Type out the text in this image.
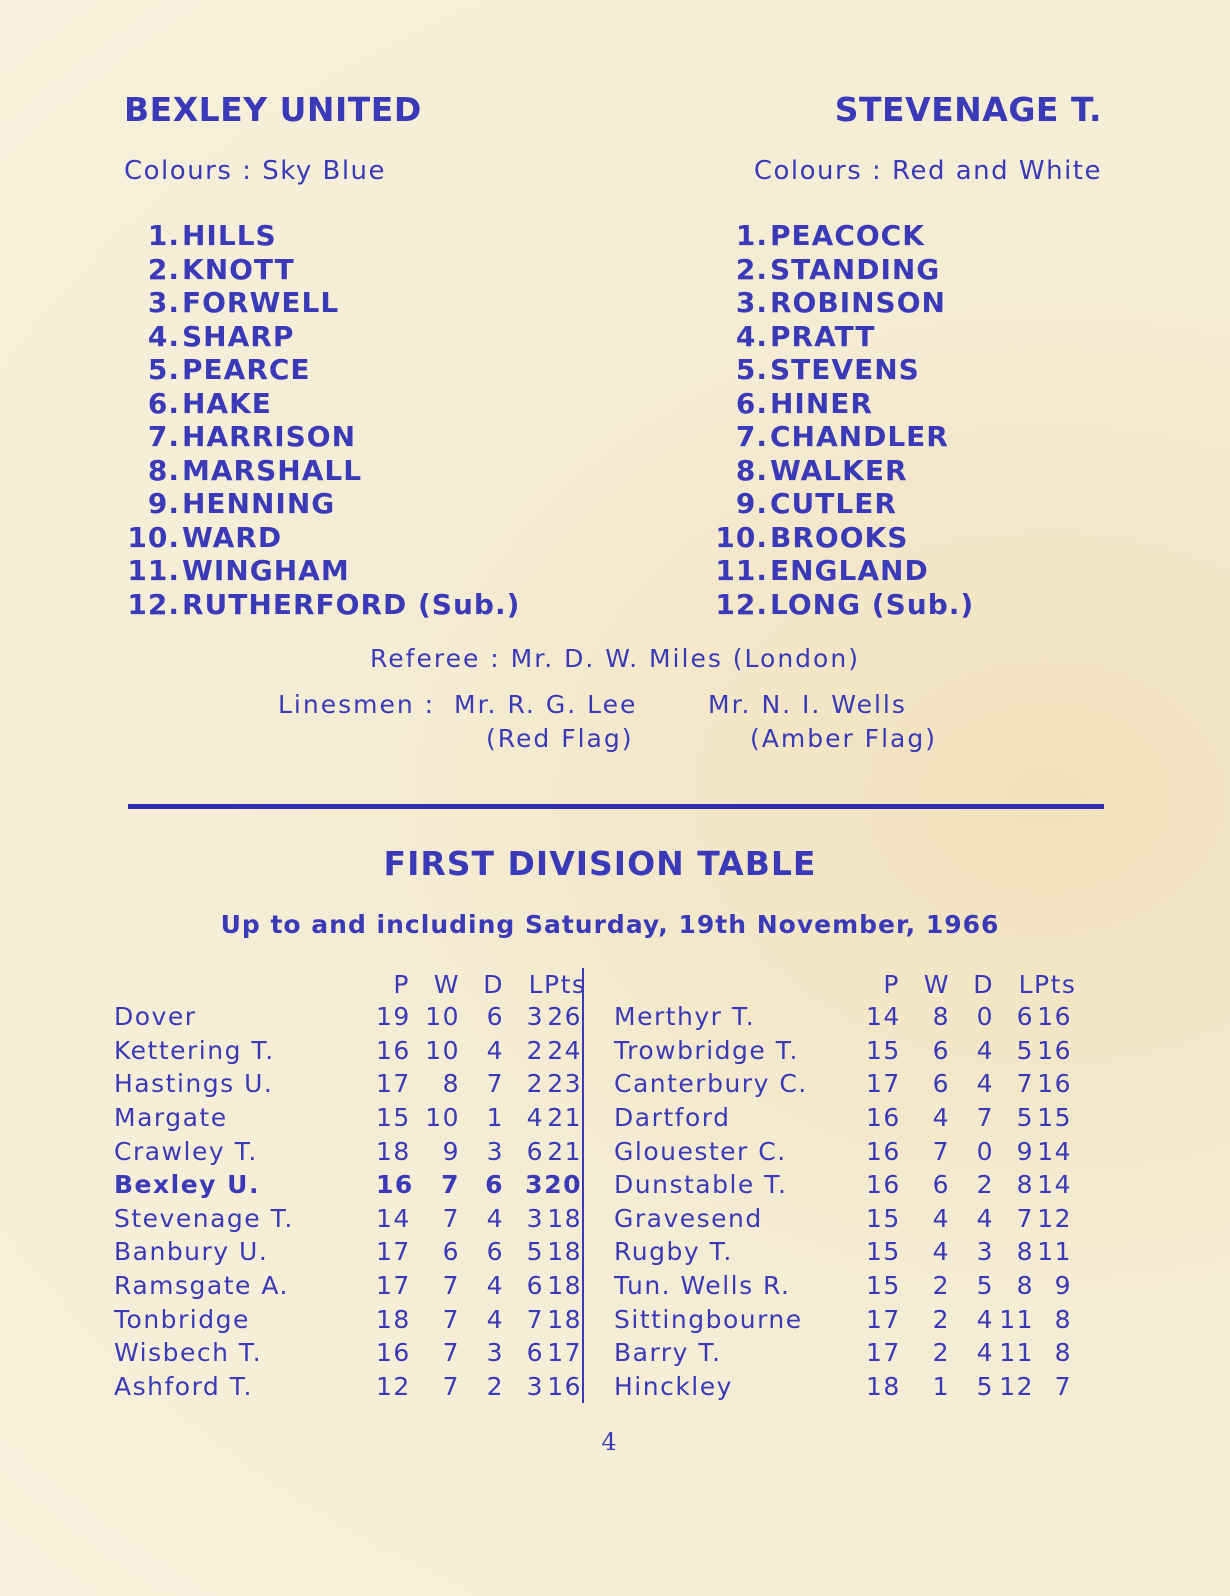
BEXLEY UNITED
Colours : Sky Blue
1. HILLS
2. KNOTT
3. FORWELL
4. SHARP
5. PEARCE
6. HAKE
7. HARRISON
8. MARSHALL
9. HENNING
10. WARD
11. WINGHAM
12. RUTHERFORD (Sub.)
STEVENAGE T.
Colours : Red and White
1. PEACOCK
2. STANDING
3. ROBINSON
4. PRATT
5. STEVENS
6. HINER
7. CHANDLER
8. WALKER
9. CUTLER
10. BROOKS
11. ENGLAND
12. LONG (Sub.)
Referee : Mr. D. W. Miles (London)
Linesmen : Mr. R. G. Lee	Mr. N. I. Wells
(Red Flag)	(Amber Flag)
FIRST DIVISION TABLE
Up to and including Saturday, 19th November, 1966
P W D L Pts
Dover	19 10	6 3 26
Kettering T.	16 10	4 2 24
Hastings U.	17	8	7 2 23
Margate	15 10	1 4 21
Crawley T.	18	9	3 6 21
Bexley U.	16	7	6 3 20
Stevenage T.	14	7	4 3 18
Banbury U.	17	6	6 5 18
Ramsgate A.	17	7	4 6 18
Tonbridge	18	7	4 7 18
Wisbech T.	16	7	3 6 17
Ashford T.	12	7	2 3 16
P W D L Pts
Merthyr T.	14	8	0 6 16
Trowbridge T.	15	6	4 5 16
Canterbury C.	17	6	4 7 16
Dartford	16	4	7 5 15
Glouester C.	16	7	0 9 14
Dunstable T.	16	6	2 8 14
Gravesend	15	4	4 7 12
Rugby T.	15	4	3 8 11
Tun. Wells R.	15	2	5 8 9
Sittingbourne	17	2	4 11 8
Barry T.	17	2	4 11 8
Hinckley	18	1	5 12 7
4
